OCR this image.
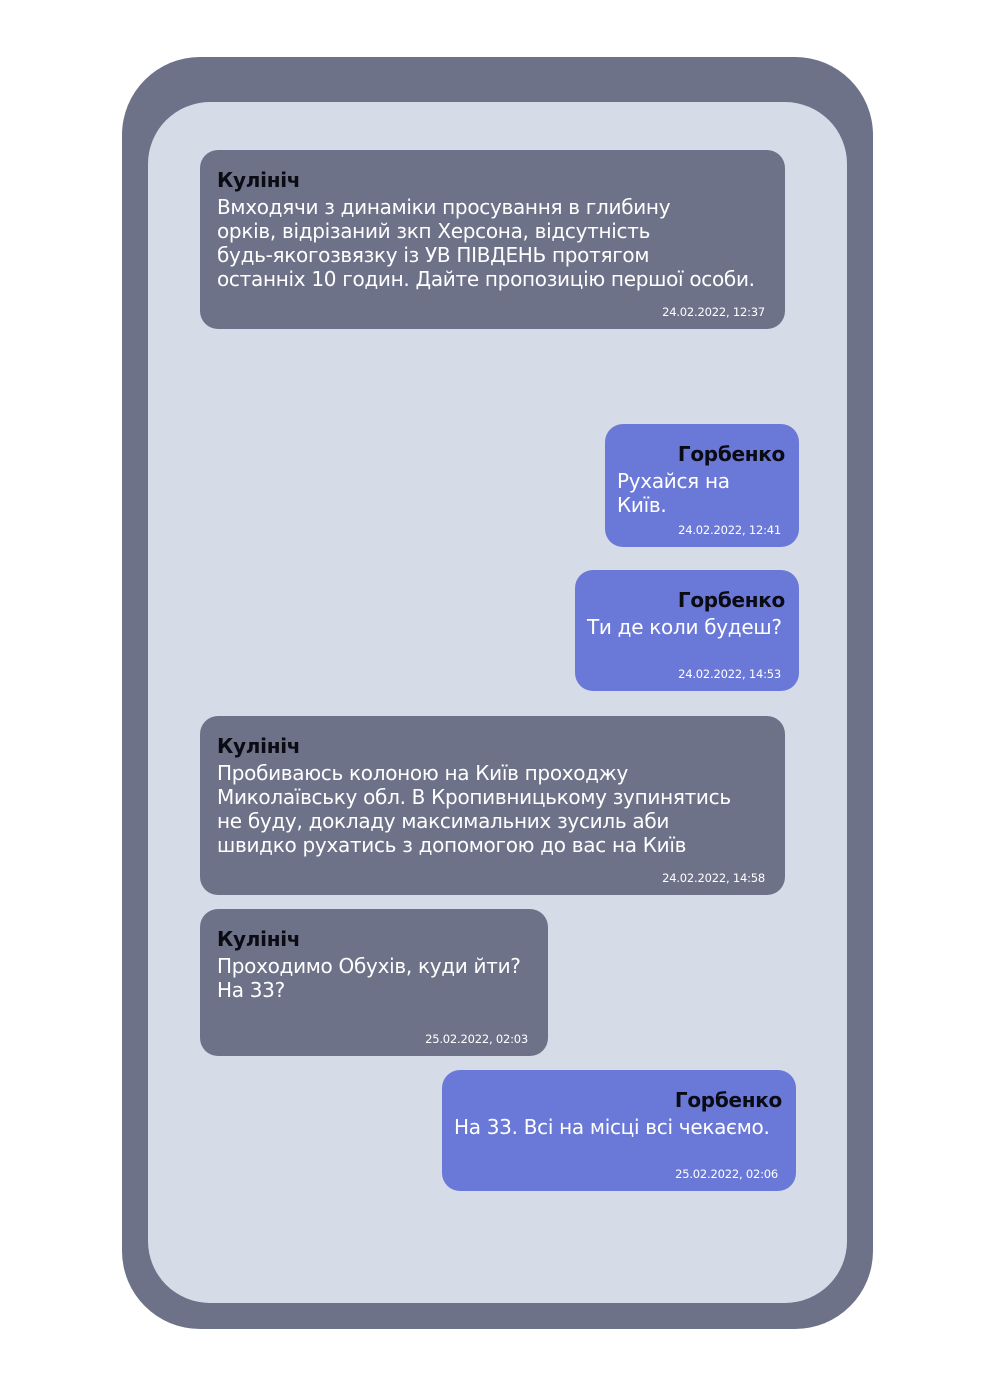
Кулініч
Вмходячи з динаміки просування в глибину
орків, відрізаний зкп Херсона, відсутність
будь-якогозвязку із УВ ПІВДЕНЬ протягом
останніх 10 годин. Дайте пропозицію першої особи.
24.02.2022, 12:37
Горбенко
Рухайся на Київ.
24.02.2022, 12:41
Горбенко
Ти де коли будеш?
24.02.2022, 14:53
Кулініч
Пробиваюсь колоною на Київ проходжу
Миколаївську обл. В Кропивницькому зупинятись
не буду, докладу максимальних зусиль аби
швидко рухатись з допомогою до вас на Київ
24.02.2022, 14:58
Кулініч
Проходимо Обухів, куди йти?
На 33?
25.02.2022, 02:03
Горбенко
На 33. Всі на місці всі чекаємо.
25.02.2022, 02:06
